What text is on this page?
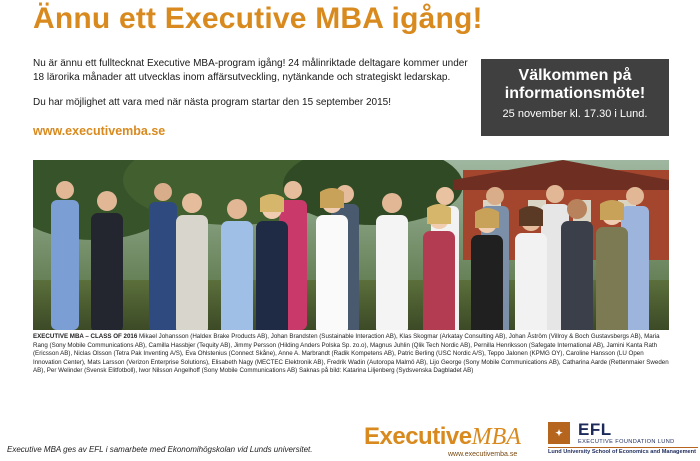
Ännu ett Executive MBA igång!

Nu är ännu ett fulltecknat Executive MBA-program igång! 24 målinriktade deltagare kommer under 18 lärorika månader att utvecklas inom affärsutveckling, nytänkande och strategiskt ledarskap.

Du har möjlighet att vara med när nästa program startar den 15 september 2015!

www.executivemba.se
Välkommen på
informationsmöte!
25 november kl. 17.30 i Lund.
EXECUTIVE MBA – CLASS OF 2016 Mikael Johansson (Haldex Brake Products AB), Johan Brandsten (Sustainable Interaction AB), Klas Skogmar (Arkatay Consulting AB), Johan Åström (Villroy & Boch Gustavsbergs AB), Maria Rang (Sony Mobile Communications AB), Camilla Hassbjer (Tequity AB), Jimmy Persson (Hilding Anders Polska Sp. zo.o), Magnus Juhlin (Qlik Tech Nordic AB), Pernilla Henriksson (Safegate International AB), Jamini Kanta Rath (Ericsson AB), Niclas Olsson (Tetra Pak Inventing A/S), Eva Ohlstenius (Connect Skåne), Anne A. Marbrandt (Radik Kompetens AB), Patric Berling (USC Nordic A/S), Teppo Jalonen (KPMG OY), Caroline Hansson (LU Open Innovation Center), Mats Larsson (Verizon Enterprise Solutions), Elisabeth Nagy (MECTEC Elektronik AB), Fredrik Wadin (Autoropa Malmö AB), Lijo George (Sony Mobile Communications AB), Catharina Aarde (Rettenmaier Sweden AB), Per Welinder (Svensk Elitfotboll), Iwor Nilsson Angelhoff (Sony Mobile Communications AB) Saknas på bild: Katarina Liljenberg (Sydsvenska Dagbladet AB)
Executive MBA ges av EFL i samarbete med Ekonomihögskolan vid Lunds universitet. ExecutiveMBA
www.executivemba.se
✦ EFL
EXECUTIVE FOUNDATION LUND
Lund University School of Economics and Management
